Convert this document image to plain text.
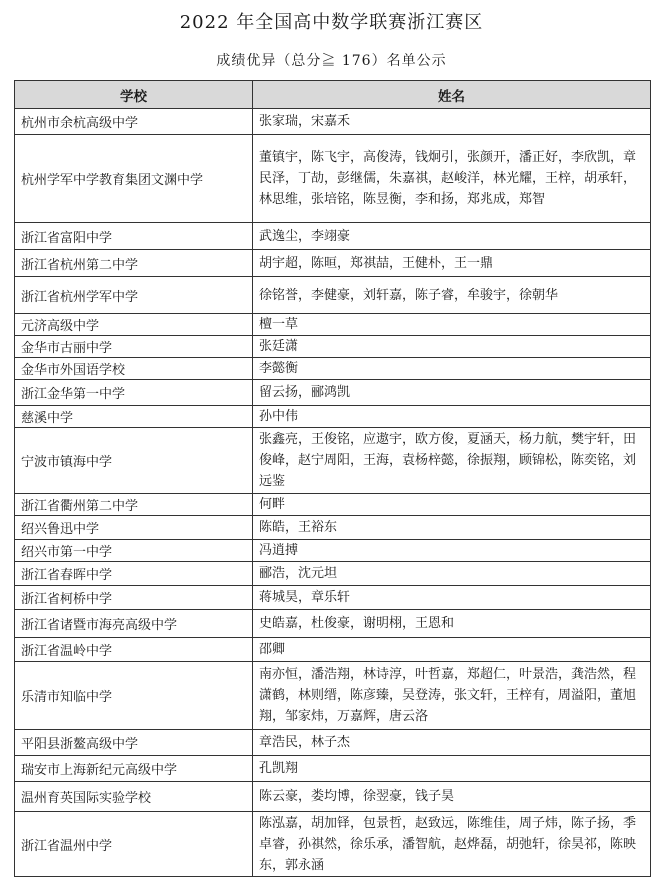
2022 年全国高中数学联赛浙江赛区
成绩优异（总分≧ 176）名单公示
学校	姓名
杭州市余杭高级中学	张家瑞，宋嘉禾
杭州学军中学教育集团文渊中学	董镇宇，陈飞宇，高俊涛，钱炯引，张颜开，潘正好，李欣凯，章民泽，丁劼，彭继儒，朱嘉祺，赵峻洋，林光耀，王梓，胡承轩，林思维，张培铭，陈昱衡，李和扬，郑兆成，郑智
浙江省富阳中学	武逸尘，李翊豪
浙江省杭州第二中学	胡宇超，陈晅，郑祺喆，王健朴，王一鼎
浙江省杭州学军中学	徐铭誉，李健豪，刘轩嘉，陈子睿，牟骏宇，徐朝华
元济高级中学	檀一草
金华市古丽中学	张廷潇
金华市外国语学校	李懿衡
浙江金华第一中学	留云扬，郦鸿凯
慈溪中学	孙中伟
宁波市镇海中学	张鑫亮，王俊铭，应遨宇，欧方俊，夏涵天，杨力航，樊宇轩，田俊峰，赵宁周阳，王海，袁杨梓懿，徐振翔，顾锦松，陈奕铭，刘远鉴
浙江省衢州第二中学	何畔
绍兴鲁迅中学	陈皓，王裕东
绍兴市第一中学	冯逍搏
浙江省春晖中学	郦浩，沈元坦
浙江省柯桥中学	蒋城昊，章乐轩
浙江省诸暨市海亮高级中学	史皓嘉，杜俊豪，谢明栩，王恩和
浙江省温岭中学	邵卿
乐清市知临中学	南亦恒，潘浩翔，林诗淳，叶哲嘉，郑超仁，叶景浩，龚浩然，程潇鹤，林则缙，陈彦臻，吴登涛，张文轩，王梓有，周溢阳，董旭翔，邹家炜，万嘉辉，唐云洛
平阳县浙鳌高级中学	章浩民，林子杰
瑞安市上海新纪元高级中学	孔凯翔
温州育英国际实验学校	陈云豪，娄均博，徐翌豪，钱子昊
浙江省温州中学	陈泓嘉，胡加铎，包景哲，赵致远，陈维佳，周子炜，陈子扬，季卓睿，孙祺然，徐乐承，潘智航，赵烨磊，胡弛轩，徐昊祁，陈映东，郭永涵
